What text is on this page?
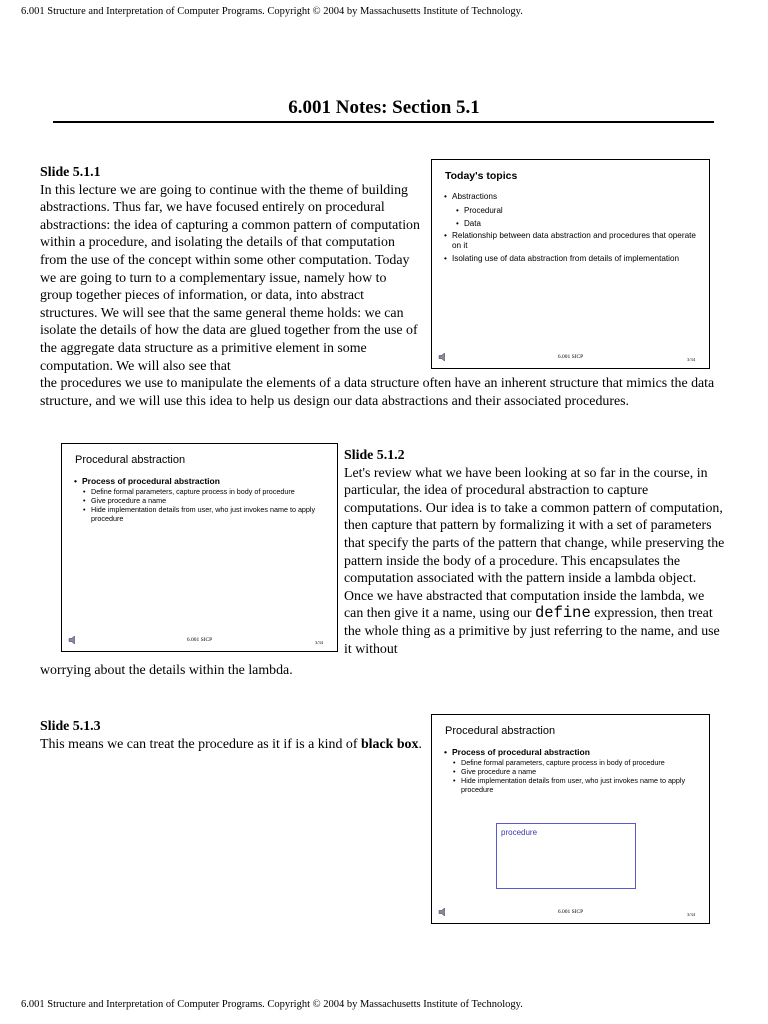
6.001 Structure and Interpretation of Computer Programs. Copyright © 2004 by Massachusetts Institute of Technology.
6.001 Notes: Section 5.1
Slide 5.1.1
In this lecture we are going to continue with the theme of building abstractions. Thus far, we have focused entirely on procedural abstractions: the idea of capturing a common pattern of computation within a procedure, and isolating the details of that computation from the use of the concept within some other computation. Today we are going to turn to a complementary issue, namely how to group together pieces of information, or data, into abstract structures. We will see that the same general theme holds: we can isolate the details of how the data are glued together from the use of the aggregate data structure as a primitive element in some computation. We will also see that
the procedures we use to manipulate the elements of a data structure often have an inherent structure that mimics the data structure, and we will use this idea to help us design our data abstractions and their associated procedures.
Today's topics
• Abstractions
• Procedural
• Data
• Relationship between data abstraction and procedures that operate on it
• Isolating use of data abstraction from details of implementation
6.001 SICP	3/34
Procedural abstraction
• Process of procedural abstraction
• Define formal parameters, capture process in body of procedure
• Give procedure a name
• Hide implementation details from user, who just invokes name to apply procedure
6.001 SICP	3/34
Slide 5.1.2
Let's review what we have been looking at so far in the course, in particular, the idea of procedural abstraction to capture computations. Our idea is to take a common pattern of computation, then capture that pattern by formalizing it with a set of parameters that specify the parts of the pattern that change, while preserving the pattern inside the body of a procedure. This encapsulates the computation associated with the pattern inside a lambda object. Once we have abstracted that computation inside the lambda, we can then give it a name, using our define expression, then treat the whole thing as a primitive by just referring to the name, and use it without
worrying about the details within the lambda.
Slide 5.1.3
This means we can treat the procedure as it if is a kind of black box.
Procedural abstraction
• Process of procedural abstraction
• Define formal parameters, capture process in body of procedure
• Give procedure a name
• Hide implementation details from user, who just invokes name to apply procedure
procedure
6.001 SICP	3/34
6.001 Structure and Interpretation of Computer Programs. Copyright © 2004 by Massachusetts Institute of Technology.
